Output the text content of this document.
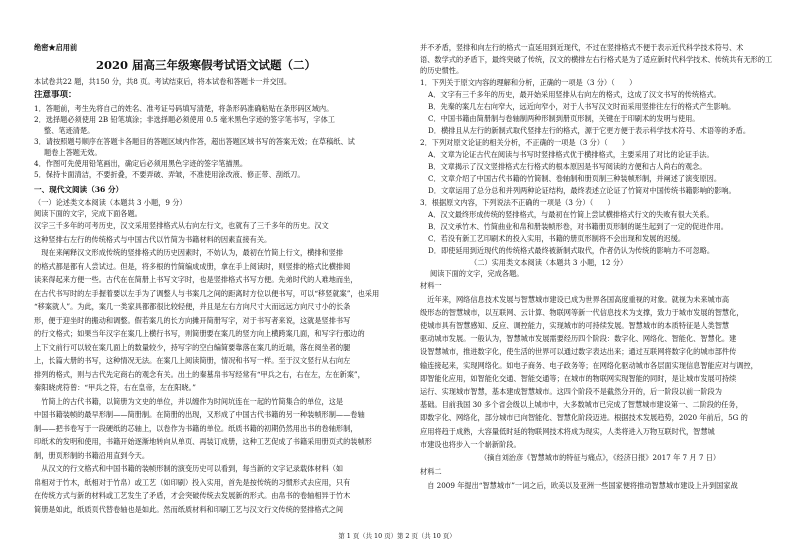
绝密★启用前
2020 届高三年级寒假考试语文试题（二）
本试卷共22 题，共150 分，共8 页。考试结束后，将本试卷和答题卡一并交回。
注意事项：
1．答题前，考生先将自己的姓名、准考证号码填写清楚，将条形码准确粘贴在条形码区域内。
2．选择题必须使用 2B 铅笔填涂；非选择题必须使用 0.5 毫米黑色字迹的签字笔书写，字体工
整、笔迹清楚。
3．请按照题号顺序在答题卡各题目的答题区域内作答，超出答题区域书写的答案无效；在草稿纸、试
题卷上答题无效。
4．作图可先使用铅笔画出，确定后必须用黑色字迹的签字笔描黑。
5．保持卡面清洁，不要折叠，不要弄破、弄皱，不准使用涂改液、修正带、刮纸刀。
一、现代文阅读（36 分）
（一）论述类文本阅读（本题共 3 小题，9 分）
阅读下面的文字，完成下面各题。
汉字三千多年的可考历史，汉文采用竖排格式从右向左行文，也就有了三千多年的历史。汉文
这种竖排右左行的传统格式与中国古代以竹简为书籍材料的因素直接有关。
　现在来阐释汉文形成传统的竖排格式的历史因素时，不妨认为，最初在竹简上行文，横排和竖排
的格式都是都有人尝试过。但是，将多根的竹简编成成册，拿在手上阅读时，则竖排的格式比横排阅
读来得起来方便一些。古代在在简册上书写文字时，也是竖排格式书写方便。先弟时代的人难地而坐，
在古代书写时的左手握着要以左手为了调整人与书案几之间的距离时方位以便书写，可以“移竖就案”，也采用
“移案就人”。为此，案几一类家具都都很比较轻便，并且是左右方向尺寸大而远远方向尺寸小的长条
形，便于迎坐时的搬动和调整。假若案几的长方向摊开简册写字，对于书写者来说，这就是竖排书写
的行文格式；如果当年汉字在案几上横行书写，则简册要在案几的竖方向上横跨案几面，和写字行那边的
上下文前行可以较在案几面上的数量较少，持写字的空白编简要靠落在案几的近端，落在阅坐者的腿
上，长篇大册的书写，这种情况无法。在案几上阅读简册，情况和书写一样。至于汉文竖行从右向左
排列的格式，则与古代先定商右的观念有关。出土的秦墓帛书写经常有“甲兵之右，右在左，左在新案”，
秦阳晓虎符曾：“甲兵之符，右在皇帝，左在阳晓。”
　竹简上的古代书籍，以简册为文史的单位，并以缠作为时间坑连在一起的竹简集合的单位，这是
中国书籍装帧的最早形制——简册制。在简册的出现，又形成了中国古代书籍的另一种装帧形制——卷轴
制——把书卷写于一段硬纸的芯轴上，以卷作为书籍的单位。纸质书籍的初期仍然用出书的卷轴形制，
印纸术的发明和使用，书籍开始逐渐地转向从单页、再装订成册，这种工艺促成了书籍采用册页式的装帧形
制，册页形制的书籍沿用直到今天。
　从汉文的行文格式和中国书籍的装帧形制的演变历史可以看到，每当新的文字记录载体材料（如
帛相对于竹木，纸相对于竹帛）或工艺（如印刷）投入实用，首先是按传统的习惯形式去应用，只有
在传统方式与新的材料或工艺发生了矛盾，才会突破传统去发展新的形式。由帛书的卷轴相异于竹木
简册是如此，纸质页代替卷轴也是如此。然而纸质材料和印刷工艺与汉文行文传统的竖排格式之间
并不矛盾，竖排和向左行的格式一直延用到近现代，不过在竖排格式不便于表示近代科学技术符号、术
语、数学式的矛盾下，最终突破了传统，汉文的横排左右行格式是为了适应新时代科学技术、传统共有无形的工
的历史惯性。
1．下列关于原文内容的理解和分析，正确的一项是（3 分）（　　）
A．文字有三千多年的历史，最开始采用竖排从右向左的格式，这成了汉文书写的传统格式。
B．先秦的案几左右向窄大，远近向窄小，对于人书写汉文时而采用竖排往左行的格式产生影响。
C．中国书籍由简册制与卷轴制两种形制到册页形制，关键在于印刷术的发明与使用。
D．横排且从左行的新制式取代竖排左行的格式，源于它更方便于表示科学技术符号、术语等的矛盾。
2．下列对原文论证的相关分析，不正确的一项是（3 分）（　　）
A．文章为论证古代在阅读与书写时竖排格式优于横排格式，主要采用了对比的论证手法。
B．文章揭示了汉文竖排格式左行格式的根本原因是书写阅读的方便和古人尚右的观念。
C．文章介绍了中国古代书籍的竹简制、卷轴制和册页制三种装帧形制，并阐述了演变原因。
D．文章运用了总分总和并列两种论证结构，最终表述立论证了竹简对中国传统书籍影响的影响。
3．根据原文内容，下列说法不正确的一项是（3 分）（　　）
A．汉文最终形成传统的竖排格式，与最初在竹简上尝试横排格式行文的失败有很大关系。
B．汉文承竹木、竹简曲业和帛和册装帧形卷，对书籍册页形制的诞生起到了一定的促进作用。
C．若没有新工艺印刷术的投入实用，书籍的册页形制将不会出现和发展的迟缓。
D．即使延用到近现代的传统格式最终被新制式取代，作者仍认为传统的影响力不可忽略。
（二）实用类文本阅读（本题共 3 小题，12 分）
阅读下面的文字，完成各题。
材料一
　近年来，网络信息技术发展与智慧城市建设已成为世界各国高度重视的对象。就视为未来城市高
级形态的智慧城市，以互联网、云计算、物联网等新一代信息技术为支撑，致力于城市发展的智慧化，
使城市具有智慧感知、反应、调控能力，实现城市的可持续发展。智慧城市的本质特征是人类智慧
驱动城市发展。一般认为，智慧城市发展需要经历四个阶段：数字化、网络化、智能化、智慧化。建
设智慧城市，推进数字化，使生活的世界可以通过数字表达出来；通过互联网将数字化的城市部件传
输连接起来，实现网络化。如电子商务、电子政务等；在网络化驱动城市各层面实现信息智能应对与调控，
即智能化应用，如智能化交通、智能交通等；在城市的物联网实现智能的同时，是让城市发展可持续
运行、实现城市智慧，基本建成智慧城市。这四个阶段不是截然分开的，后一阶段以前一阶段为
基础。目前我国 30 多个省会级以上城市中，大多数城市已完成了智慧城市建设第一、二阶段的任务，
即数字化、网络化，部分城市已向智能化、智慧化阶段迈进。根据技术发展趋势，2020 年前后，5G 的
应用将趋于成熟，大容量低时延的物联网技术将成为现实，人类将进入万物互联时代，智慧城
市建设也将步入一个崭新阶段。
（摘自刘治彦《智慧城市的特征与痛点》，《经济日报》2017 年 7 月 7 日）
材料二
　自 2009 年提出“智慧城市”一词之后，欧美以及亚洲一些国家便将推动智慧城市建设上升到国家战
第 1 页（共 10 页）第 2 页（共 10 页）
